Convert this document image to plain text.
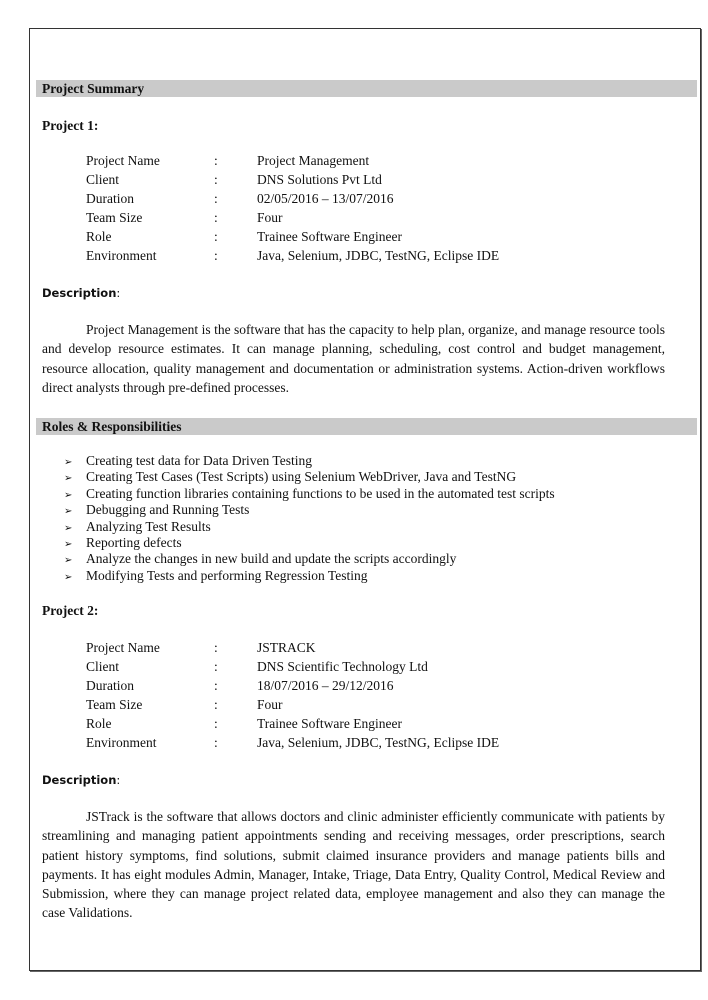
Project Summary
Project 1:
Project Name	:	Project Management
Client	:	DNS Solutions Pvt Ltd
Duration	:	02/05/2016 – 13/07/2016
Team Size	:	Four
Role	:	Trainee Software Engineer
Environment	:	Java, Selenium, JDBC, TestNG, Eclipse IDE
Description:
Project Management is the software that has the capacity to help plan, organize, and manage resource tools and develop resource estimates. It can manage planning, scheduling, cost control and budget management, resource allocation, quality management and documentation or administration systems. Action-driven workflows direct analysts through pre-defined processes.
Roles & Responsibilities
➢ Creating test data for Data Driven Testing
➢ Creating Test Cases (Test Scripts) using Selenium WebDriver, Java and TestNG
➢ Creating function libraries containing functions to be used in the automated test scripts
➢ Debugging and Running Tests
➢ Analyzing Test Results
➢ Reporting defects
➢ Analyze the changes in new build and update the scripts accordingly
➢ Modifying Tests and performing Regression Testing
Project 2:
Project Name	:	JSTRACK
Client	:	DNS Scientific Technology Ltd
Duration	:	18/07/2016 – 29/12/2016
Team Size	:	Four
Role	:	Trainee Software Engineer
Environment	:	Java, Selenium, JDBC, TestNG, Eclipse IDE
Description:
JSTrack is the software that allows doctors and clinic administer efficiently communicate with patients by streamlining and managing patient appointments sending and receiving messages, order prescriptions, search patient history symptoms, find solutions, submit claimed insurance providers and manage patients bills and payments. It has eight modules Admin, Manager, Intake, Triage, Data Entry, Quality Control, Medical Review and Submission, where they can manage project related data, employee management and also they can manage the case Validations.
